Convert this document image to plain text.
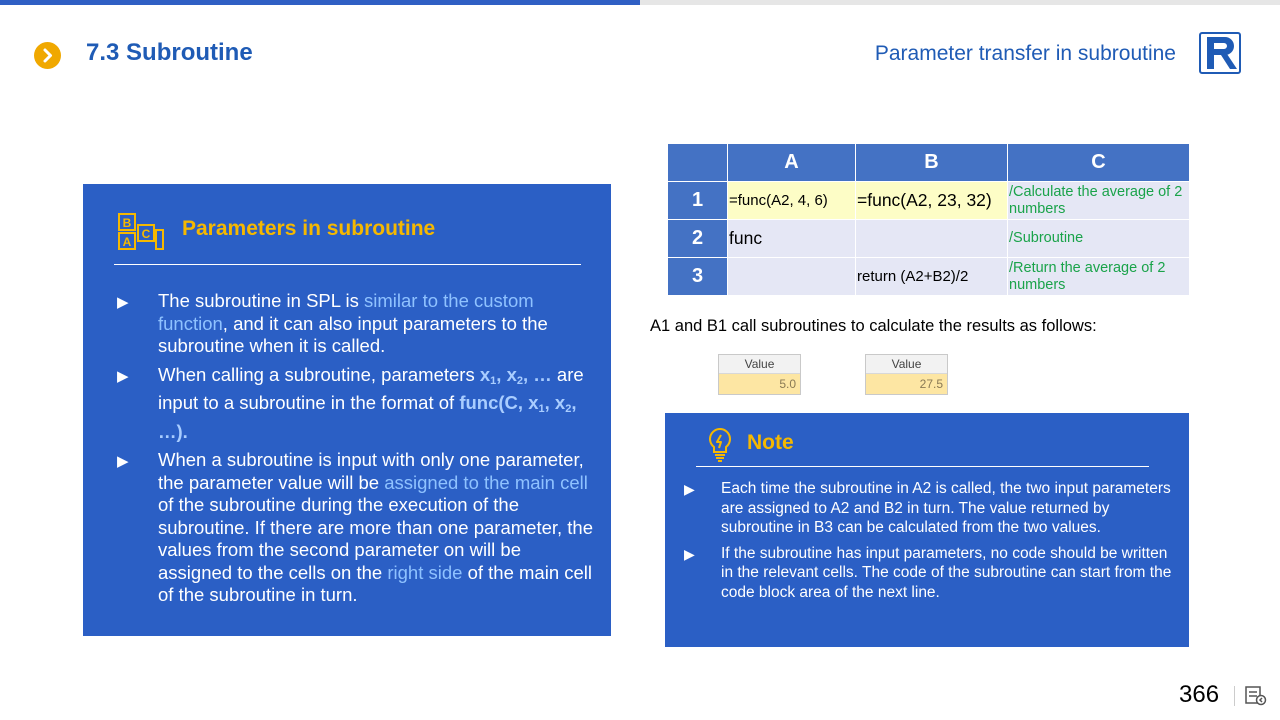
7.3 Subroutine	Parameter transfer in subroutine
B
A
C Parameters in subroutine
▶ The subroutine in SPL is similar to the custom function, and it can also input parameters to the subroutine when it is called.
▶ When calling a subroutine, parameters $x_1$, $x_2$, … are input to a subroutine in the format of func(C, $x_1$, $x_2$, …).
▶ When a subroutine is input with only one parameter, the parameter value will be assigned to the main cell of the subroutine during the execution of the subroutine. If there are more than one parameter, the values from the second parameter on will be assigned to the cells on the right side of the main cell of the subroutine in turn.
	A	B	C
1	=func(A2, 4, 6)	=func(A2, 23, 32)	/Calculate the average of 2 numbers
2	func		/Subroutine
3		return (A2+B2)/2	/Return the average of 2 numbers
A1 and B1 call subroutines to calculate the results as follows:
Value
5.0
Value
27.5
Note
▶ Each time the subroutine in A2 is called, the two input parameters are assigned to A2 and B2 in turn. The value returned by subroutine in B3 can be calculated from the two values.
▶ If the subroutine has input parameters, no code should be written in the relevant cells. The code of the subroutine can start from the code block area of the next line.
366
